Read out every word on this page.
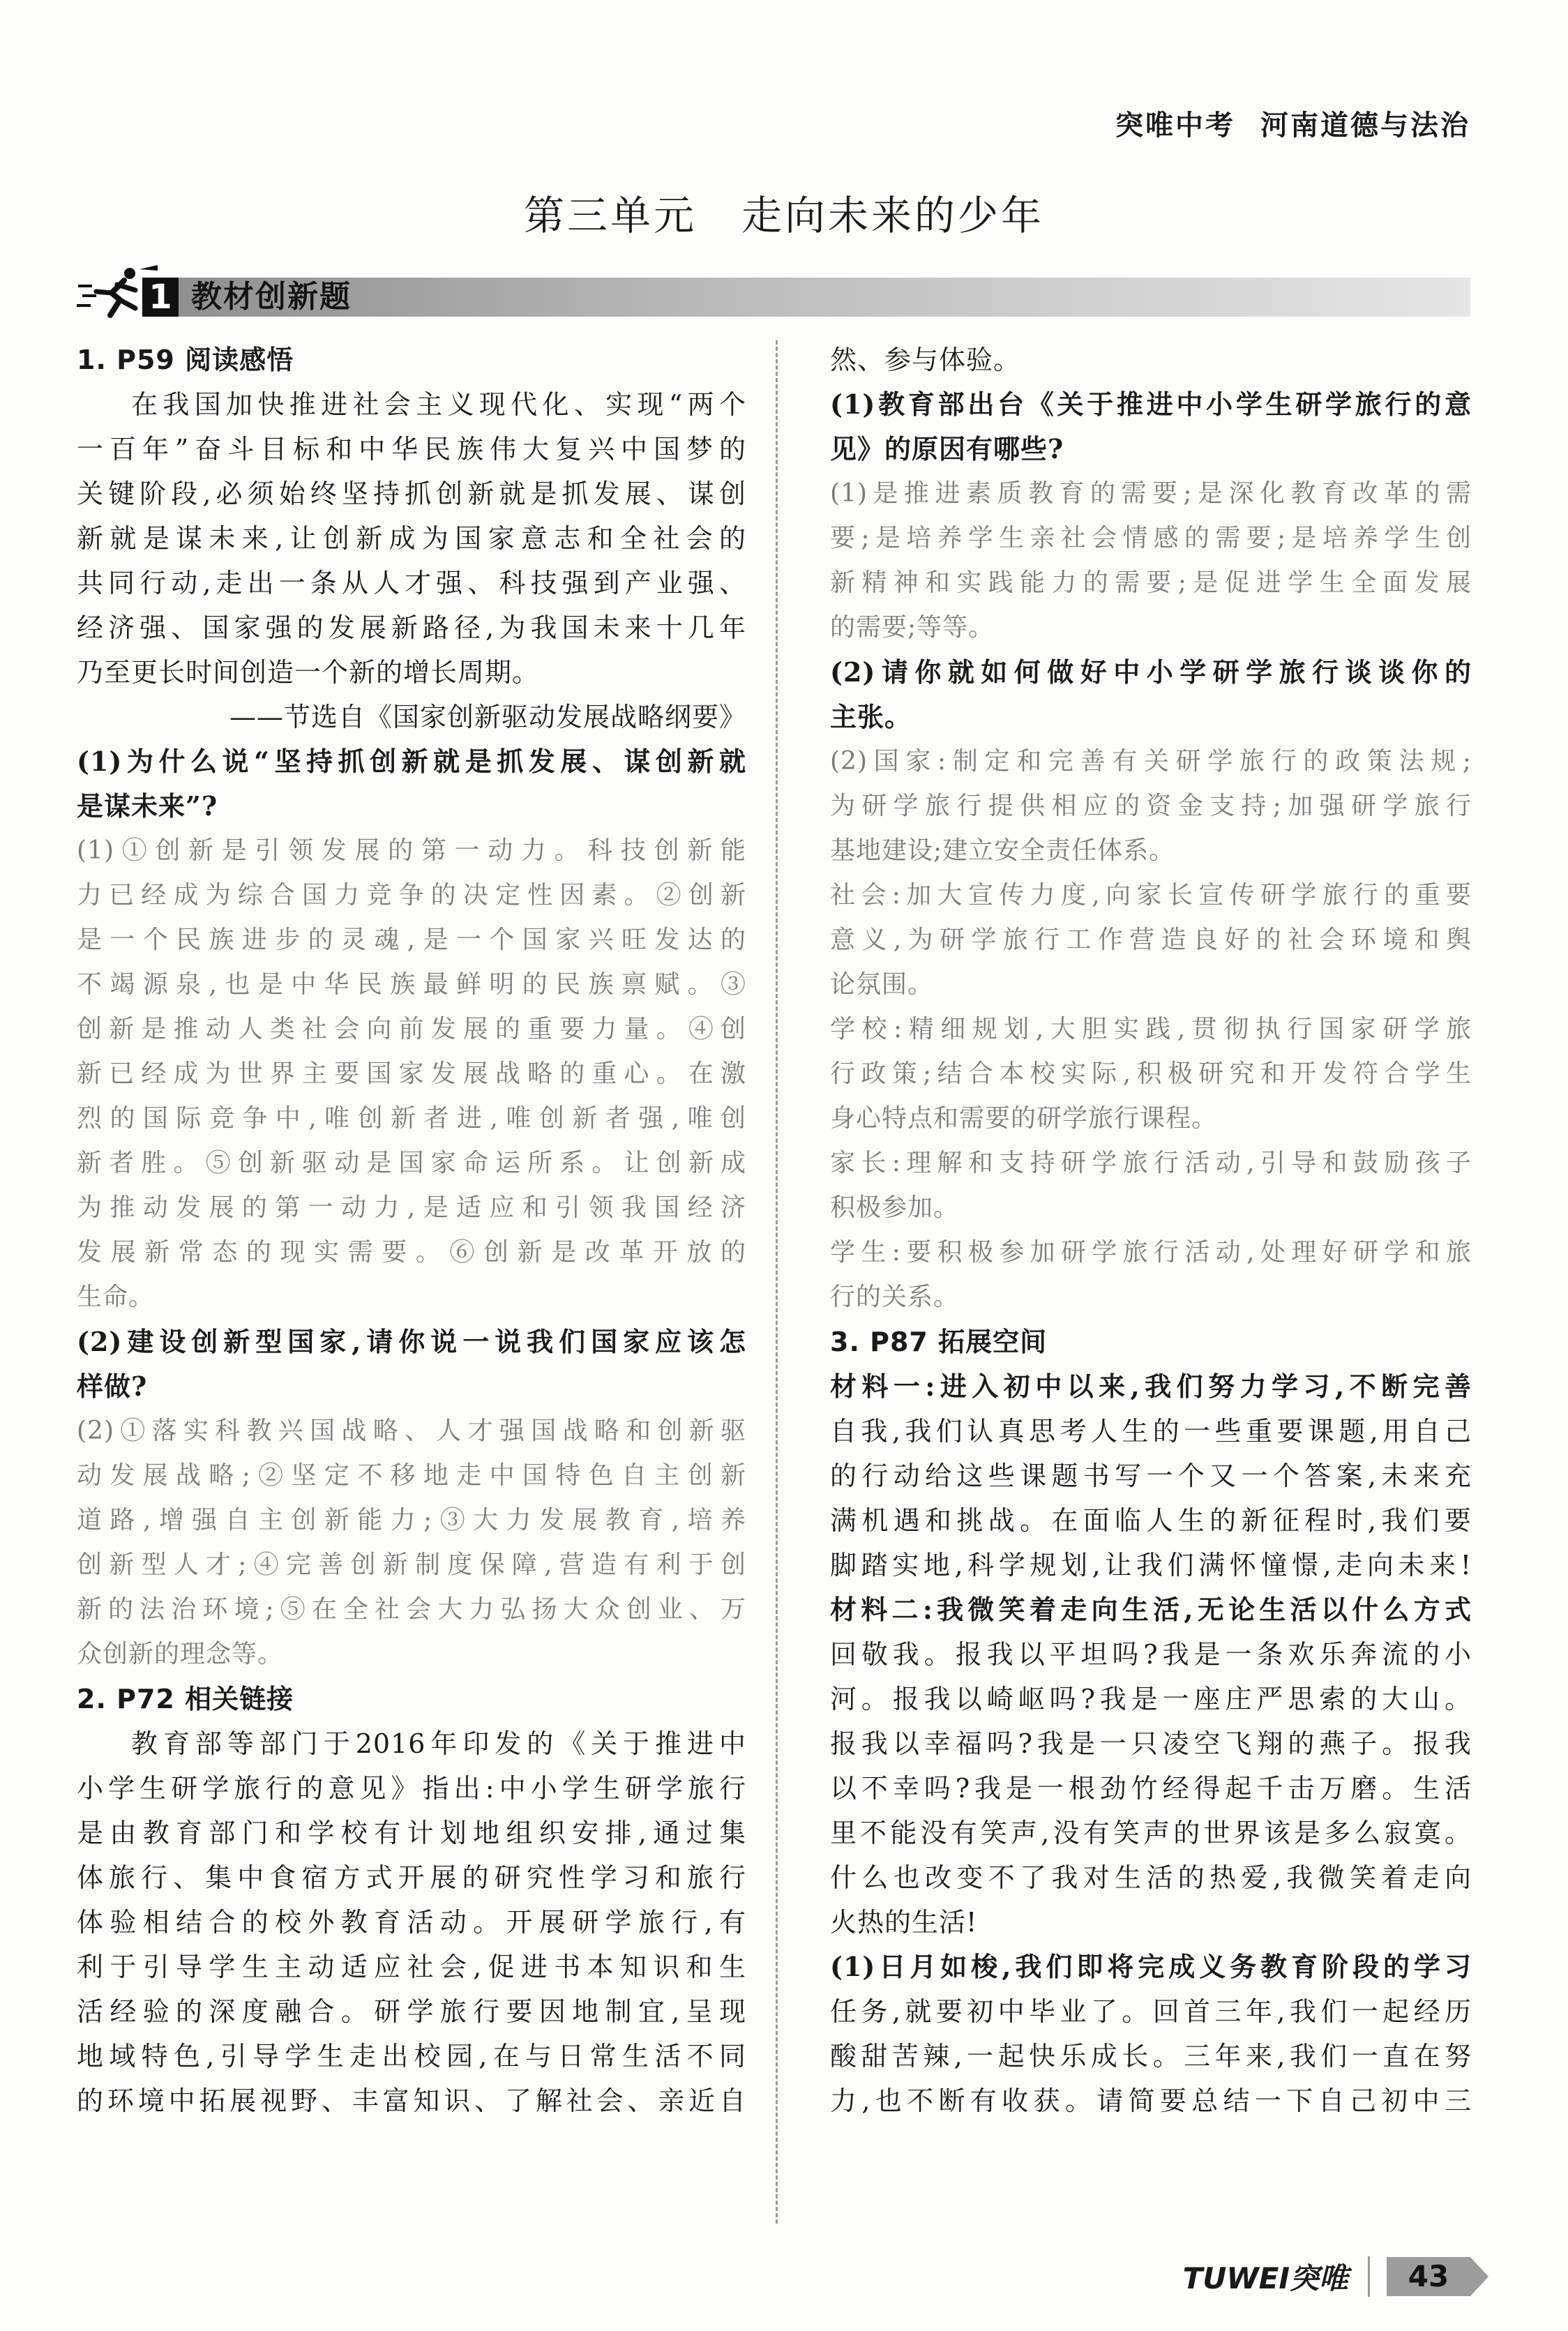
突唯中考 河南道德与法治
第三单元 走向未来的少年
1 教材创新题
1. P59 阅读感悟
在我国加快推进社会主义现代化、实现“两个
一百年”奋斗目标和中华民族伟大复兴中国梦的
关键阶段,必须始终坚持抓创新就是抓发展、谋创
新就是谋未来,让创新成为国家意志和全社会的
共同行动,走出一条从人才强、科技强到产业强、
经济强、国家强的发展新路径,为我国未来十几年
乃至更长时间创造一个新的增长周期。
——节选自《国家创新驱动发展战略纲要》
(1)为什么说“坚持抓创新就是抓发展、谋创新就
是谋未来”?
(1)①创新是引领发展的第一动力。科技创新能
力已经成为综合国力竞争的决定性因素。②创新
是一个民族进步的灵魂,是一个国家兴旺发达的
不竭源泉,也是中华民族最鲜明的民族禀赋。③
创新是推动人类社会向前发展的重要力量。④创
新已经成为世界主要国家发展战略的重心。在激
烈的国际竞争中,唯创新者进,唯创新者强,唯创
新者胜。⑤创新驱动是国家命运所系。让创新成
为推动发展的第一动力,是适应和引领我国经济
发展新常态的现实需要。⑥创新是改革开放的
生命。
(2)建设创新型国家,请你说一说我们国家应该怎
样做?
(2)①落实科教兴国战略、人才强国战略和创新驱
动发展战略;②坚定不移地走中国特色自主创新
道路,增强自主创新能力;③大力发展教育,培养
创新型人才;④完善创新制度保障,营造有利于创
新的法治环境;⑤在全社会大力弘扬大众创业、万
众创新的理念等。
2. P72 相关链接
教育部等部门于2016年印发的《关于推进中
小学生研学旅行的意见》指出:中小学生研学旅行
是由教育部门和学校有计划地组织安排,通过集
体旅行、集中食宿方式开展的研究性学习和旅行
体验相结合的校外教育活动。开展研学旅行,有
利于引导学生主动适应社会,促进书本知识和生
活经验的深度融合。研学旅行要因地制宜,呈现
地域特色,引导学生走出校园,在与日常生活不同
的环境中拓展视野、丰富知识、了解社会、亲近自
然、参与体验。
(1)教育部出台《关于推进中小学生研学旅行的意
见》的原因有哪些?
(1)是推进素质教育的需要;是深化教育改革的需
要;是培养学生亲社会情感的需要;是培养学生创
新精神和实践能力的需要;是促进学生全面发展
的需要;等等。
(2)请你就如何做好中小学研学旅行谈谈你的
主张。
(2)国家:制定和完善有关研学旅行的政策法规;
为研学旅行提供相应的资金支持;加强研学旅行
基地建设;建立安全责任体系。
社会:加大宣传力度,向家长宣传研学旅行的重要
意义,为研学旅行工作营造良好的社会环境和舆
论氛围。
学校:精细规划,大胆实践,贯彻执行国家研学旅
行政策;结合本校实际,积极研究和开发符合学生
身心特点和需要的研学旅行课程。
家长:理解和支持研学旅行活动,引导和鼓励孩子
积极参加。
学生:要积极参加研学旅行活动,处理好研学和旅
行的关系。
3. P87 拓展空间
材料一:进入初中以来,我们努力学习,不断完善
自我,我们认真思考人生的一些重要课题,用自己
的行动给这些课题书写一个又一个答案,未来充
满机遇和挑战。在面临人生的新征程时,我们要
脚踏实地,科学规划,让我们满怀憧憬,走向未来!
材料二:我微笑着走向生活,无论生活以什么方式
回敬我。报我以平坦吗?我是一条欢乐奔流的小
河。报我以崎岖吗?我是一座庄严思索的大山。
报我以幸福吗?我是一只凌空飞翔的燕子。报我
以不幸吗?我是一根劲竹经得起千击万磨。生活
里不能没有笑声,没有笑声的世界该是多么寂寞。
什么也改变不了我对生活的热爱,我微笑着走向
火热的生活!
(1)日月如梭,我们即将完成义务教育阶段的学习
任务,就要初中毕业了。回首三年,我们一起经历
酸甜苦辣,一起快乐成长。三年来,我们一直在努
力,也不断有收获。请简要总结一下自己初中三
TUWEI突唯 43
